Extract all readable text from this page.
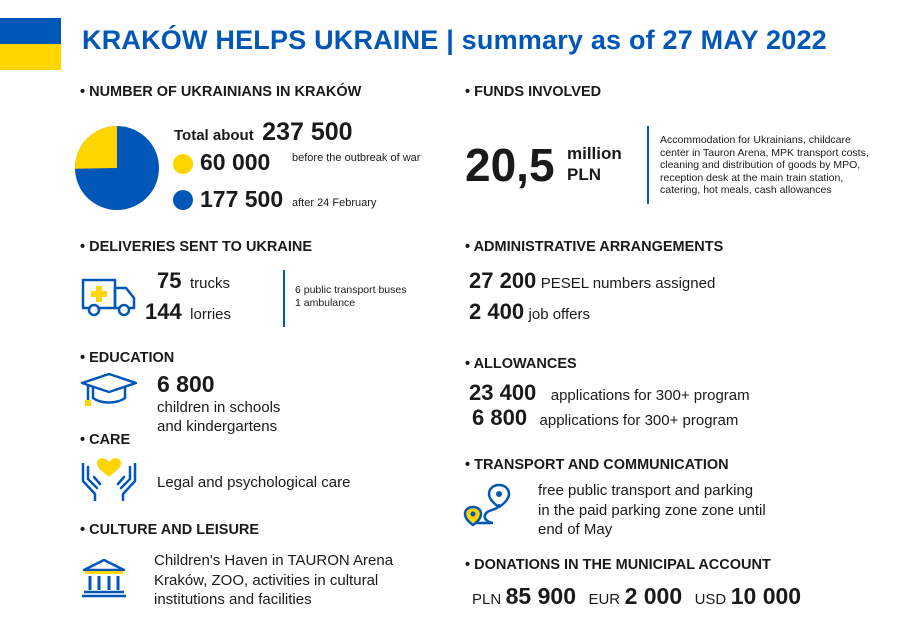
KRAKÓW HELPS UKRAINE | summary as of 27 MAY 2022
• NUMBER OF UKRAINIANS IN KRAKÓW
Total about 237 500
60 000 before the outbreak of war
177 500 after 24 February
• FUNDS INVOLVED
20,5 million
PLN
Accommodation for Ukrainians, childcare center in Tauron Arena, MPK transport costs, cleaning and distribution of goods by MPO, reception desk at the main train station, catering, hot meals, cash allowances
• DELIVERIES SENT TO UKRAINE
75 trucks
144 lorries
6 public transport buses
1 ambulance
• ADMINISTRATIVE ARRANGEMENTS
27 200 PESEL numbers assigned
2 400 job offers
• EDUCATION
6 800
children in schools
and kindergartens
• ALLOWANCES
23 400 applications for 300+ program
6 800 applications for 300+ program
• CARE
Legal and psychological care
• TRANSPORT AND COMMUNICATION
free public transport and parking
in the paid parking zone zone until
end of May
• CULTURE AND LEISURE
Children's Haven in TAURON Arena
Kraków, ZOO, activities in cultural
institutions and facilities
• DONATIONS IN THE MUNICIPAL ACCOUNT
PLN 85 900 EUR 2 000 USD 10 000
